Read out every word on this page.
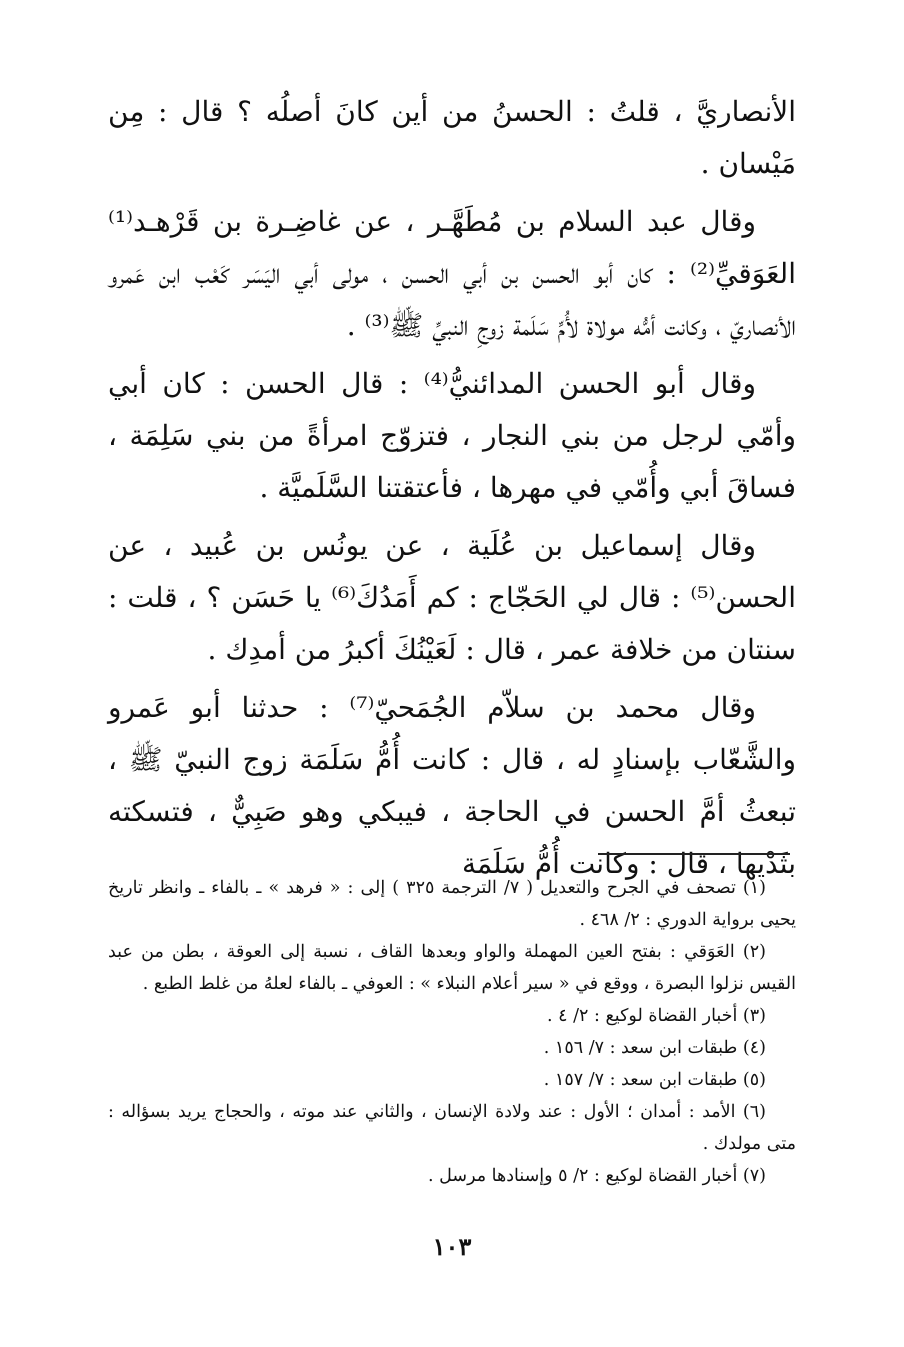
الأنصاريَّ ، قلتُ : الحسنُ من أين كانَ أصلُه ؟ قال : مِن مَيْسان .

وقال عبد السلام بن مُطَهَّـر ، عن غاضِـرة بن قَرْهـد⁽¹⁾ العَوَقيِّ⁽²⁾ : كان أبو الحسن بن أبي الحسن ، مولى أبي اليَسَر كَعْب ابن عَمرو الأنصاريّ ، وكانت أمُّه مولاة لأُمِّ سَلَمة زوجِ النبيِّ ﷺ⁽³⁾ .

وقال أبو الحسن المدائنيُّ⁽⁴⁾ : قال الحسن : كان أبي وأمّي لرجل من بني النجار ، فتزوّج امرأةً من بني سَلِمَة ، فساقَ أبي وأُمّي في مهرها ، فأعتقتنا السَّلَميَّة .

وقال إسماعيل بن عُلَية ، عن يونُس بن عُبيد ، عن الحسن⁽⁵⁾ : قال لي الحَجّاج : كم أَمَدُكَ⁽⁶⁾ يا حَسَن ؟ ، قلت : سنتان من خلافة عمر ، قال : لَعَيْنُكَ أكبرُ من أمدِك .

وقال محمد بن سلاّم الجُمَحيّ⁽⁷⁾ : حدثنا أبو عَمرو والشَّعّاب بإسنادٍ له ، قال : كانت أُمُّ سَلَمَة زوج النبيّ ﷺ ، تبعثُ أمَّ الحسن في الحاجة ، فيبكي وهو صَبِيٌّ ، فتسكته بثَدْيها ، قال : وكانت أُمُّ سَلَمَة

(١) تصحف في الجرح والتعديل ( ٧/ الترجمة ٣٢٥ ) إلى : « فرهد » ـ بالفاء ـ وانظر تاريخ يحيى برواية الدوري : ٢/ ٤٦٨ .

(٢) العَوَقي : بفتح العين المهملة والواو وبعدها القاف ، نسبة إلى العوقة ، بطن من عبد القيس نزلوا البصرة ، ووقع في « سير أعلام النبلاء » : العوفي ـ بالفاء لعلهُ من غلط الطبع .

(٣) أخبار القضاة لوكيع : ٢/ ٤ .

(٤) طبقات ابن سعد : ٧/ ١٥٦ .

(٥) طبقات ابن سعد : ٧/ ١٥٧ .

(٦) الأمد : أمدان ؛ الأول : عند ولادة الإنسان ، والثاني عند موته ، والحجاج يريد بسؤاله : متى مولدك .

(٧) أخبار القضاة لوكيع : ٢/ ٥ وإسنادها مرسل .

١٠٣
